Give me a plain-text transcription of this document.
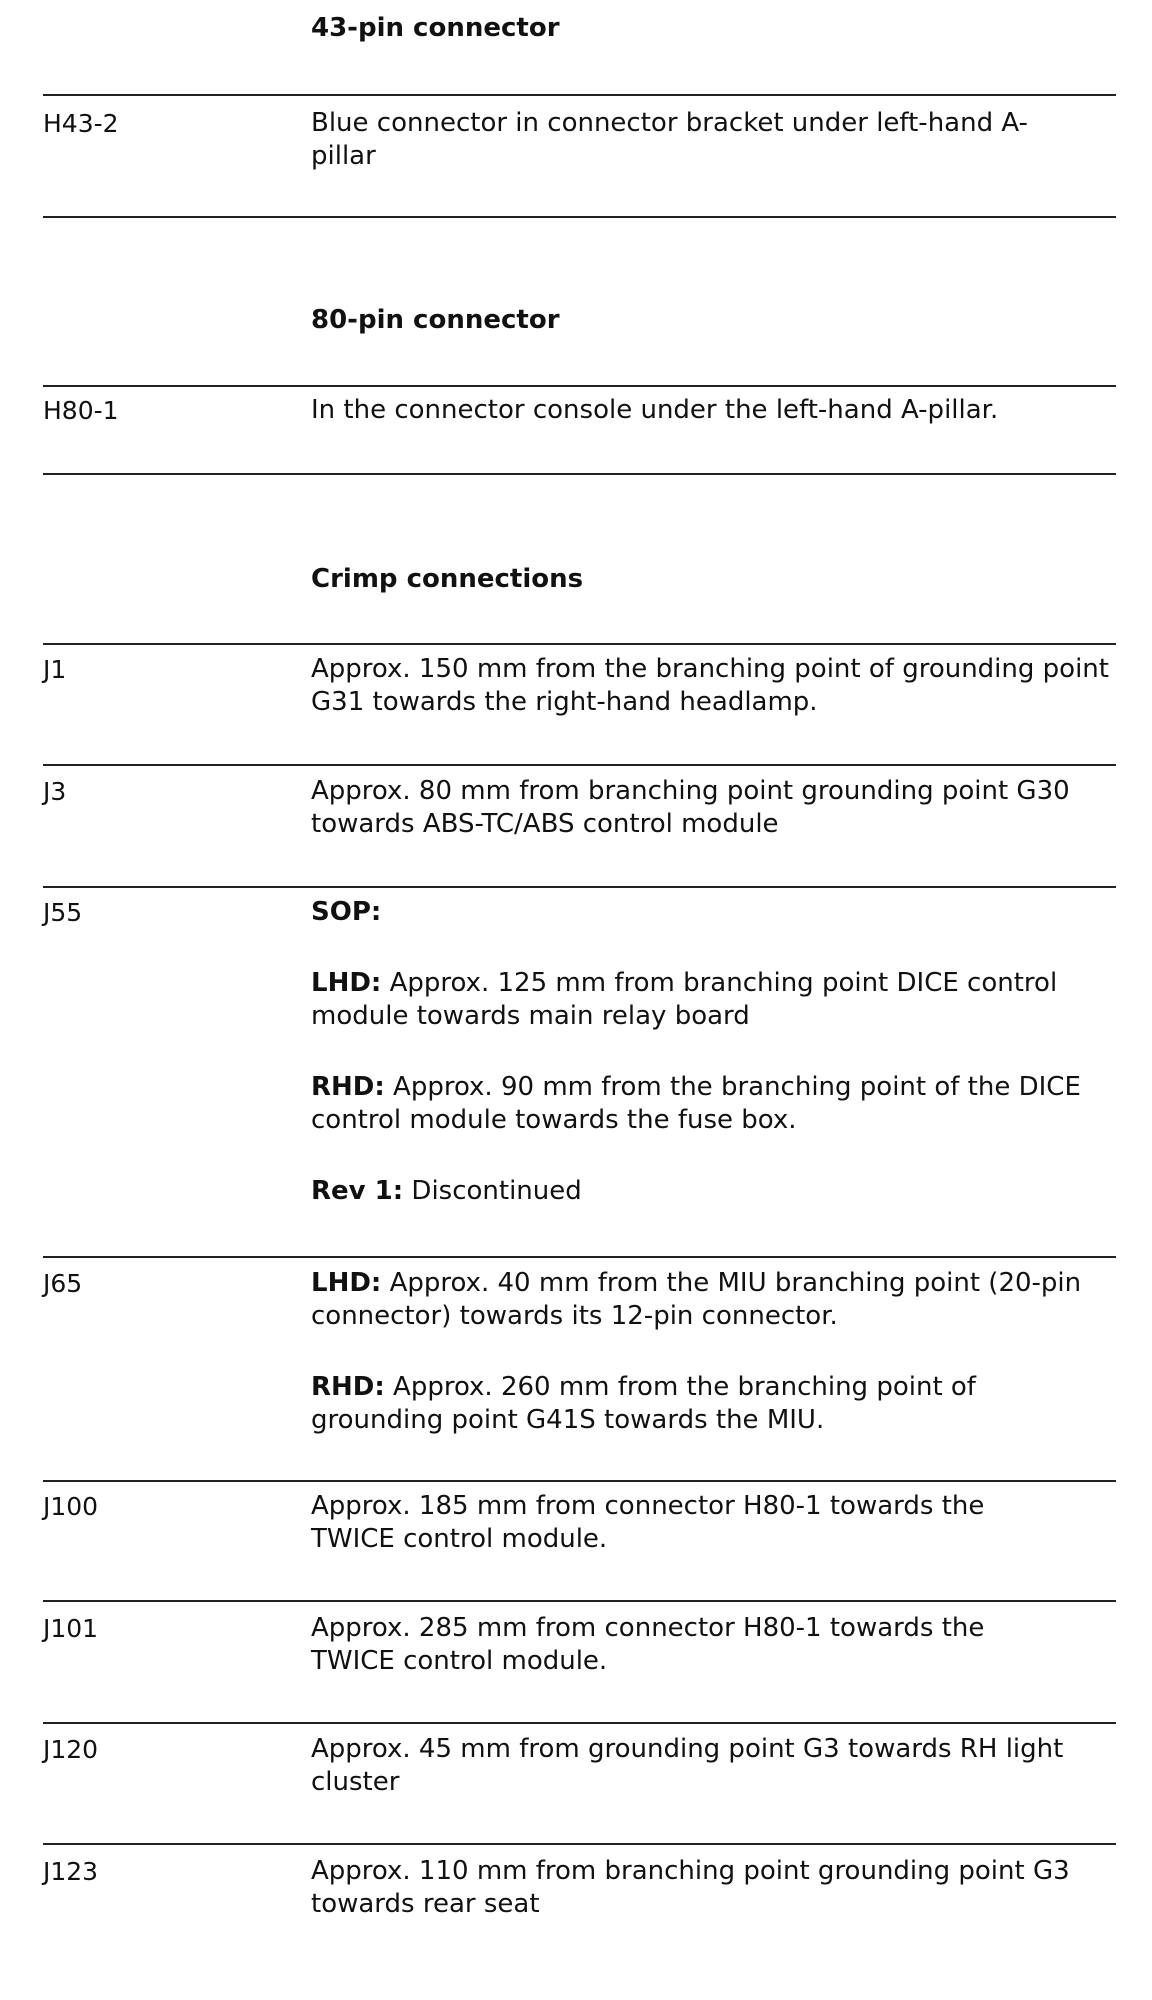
43-pin connector
H43-2	Blue connector in connector bracket under left-hand A-pillar

80-pin connector
H80-1	In the connector console under the left-hand A-pillar.

Crimp connections
J1	Approx. 150 mm from the branching point of grounding point G31 towards the right-hand headlamp.

J3	Approx. 80 mm from branching point grounding point G30 towards ABS-TC/ABS control module

J55	SOP:

LHD: Approx. 125 mm from branching point DICE control module towards main relay board

RHD: Approx. 90 mm from the branching point of the DICE control module towards the fuse box.

Rev 1: Discontinued

J65	LHD: Approx. 40 mm from the MIU branching point (20-pin connector) towards its 12-pin connector.

RHD: Approx. 260 mm from the branching point of grounding point G41S towards the MIU.

J100	Approx. 185 mm from connector H80-1 towards the TWICE control module.

J101	Approx. 285 mm from connector H80-1 towards the TWICE control module.

J120	Approx. 45 mm from grounding point G3 towards RH light cluster

J123	Approx. 110 mm from branching point grounding point G3 towards rear seat
